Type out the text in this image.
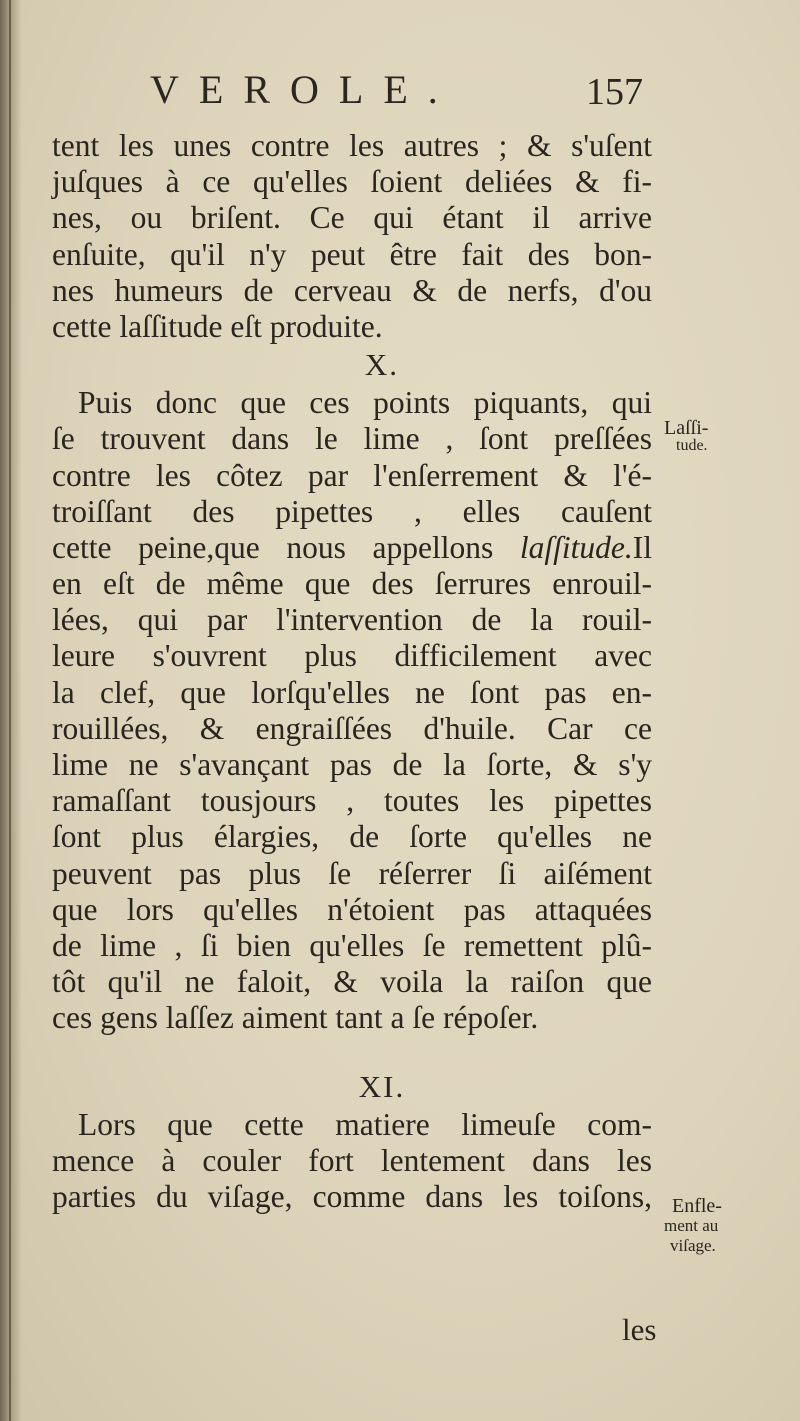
VEROLE.	157
tent les unes contre les autres ; & s'uſent
juſques à ce qu'elles ſoient deliées & fi-
nes, ou briſent. Ce qui étant il arrive
enſuite, qu'il n'y peut être fait des bon-
nes humeurs de cerveau & de nerfs, d'ou
cette laſſitude eſt produite.
X.
Puis donc que ces points piquants, qui
ſe trouvent dans le lime , ſont preſſées
contre les côtez par l'enſerrement & l'é-
troiſſant des pipettes , elles cauſent
cette peine,que nous appellons laſſitude.Il
en eſt de même que des ſerrures enrouil-
lées, qui par l'intervention de la rouil-
leure s'ouvrent plus difficilement avec
la clef, que lorſqu'elles ne ſont pas en-
rouillées, & engraiſſées d'huile. Car ce
lime ne s'avançant pas de la ſorte, & s'y
ramaſſant tousjours , toutes les pipettes
ſont plus élargies, de ſorte qu'elles ne
peuvent pas plus ſe réſerrer ſi aiſément
que lors qu'elles n'étoient pas attaquées
de lime , ſi bien qu'elles ſe remettent plû-
tôt qu'il ne faloit, & voila la raiſon que
ces gens laſſez aiment tant a ſe répoſer.
XI.
Lors que cette matiere limeuſe com-
mence à couler fort lentement dans les
parties du viſage, comme dans les toiſons,
Laſſi-
tude.
Enfle-
ment au
viſage.
les
